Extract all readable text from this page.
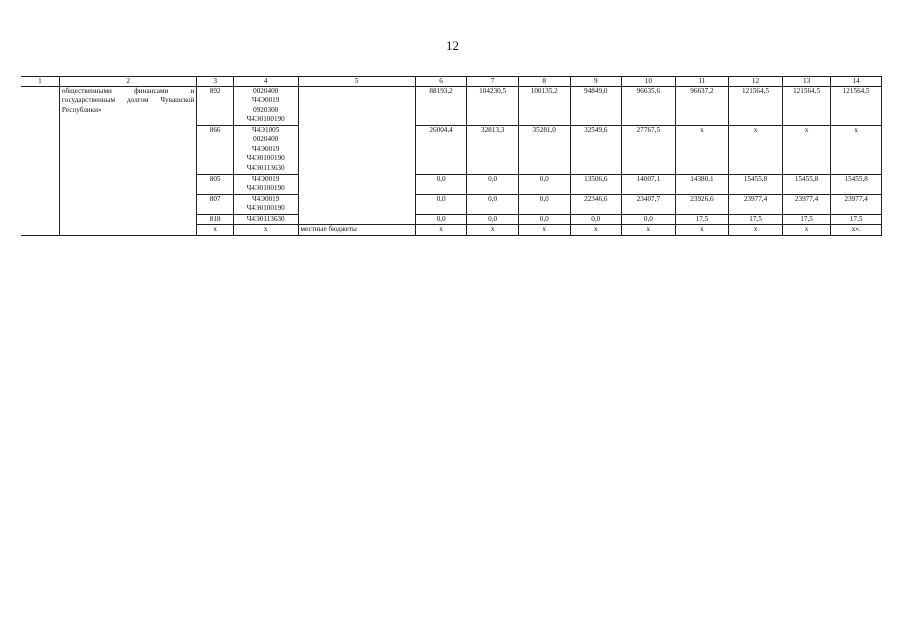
12
1	2	3	4	5	6	7	8	9	10	11	12	13	14
	общественными финансами и государственным долгом Чувашской Республики»	892	0020400
Ч4Э0019
0920300
Ч4Э0100190		88193,2	104230,5	100135,2	94849,0	96635,6	96637,2	121564,5	121564,5	121564,5
		866	Ч4Э1005
0020400
Ч4Э0019
Ч4Э0100190
Ч4Э0113630		26004,4	32813,3	35281,0	32549,6	27767,5	х	х	х	х
		805	Ч4Э0019
Ч4Э0100190		0,0	0,0	0,0	13506,6	14007,1	14380,1	15455,8	15455,8	15455,8
		807	Ч4Э0019
Ч4Э0100190		0,0	0,0	0,0	22346,6	23407,7	23926,6	23977,4	23977,4	23977,4
		818	Ч4Э0113630		0,0	0,0	0,0	0,0	0,0	17,5	17,5	17,5	17,5
		х	х	местные бюджеты	х	х	х	х	х	х	х	х	х».
